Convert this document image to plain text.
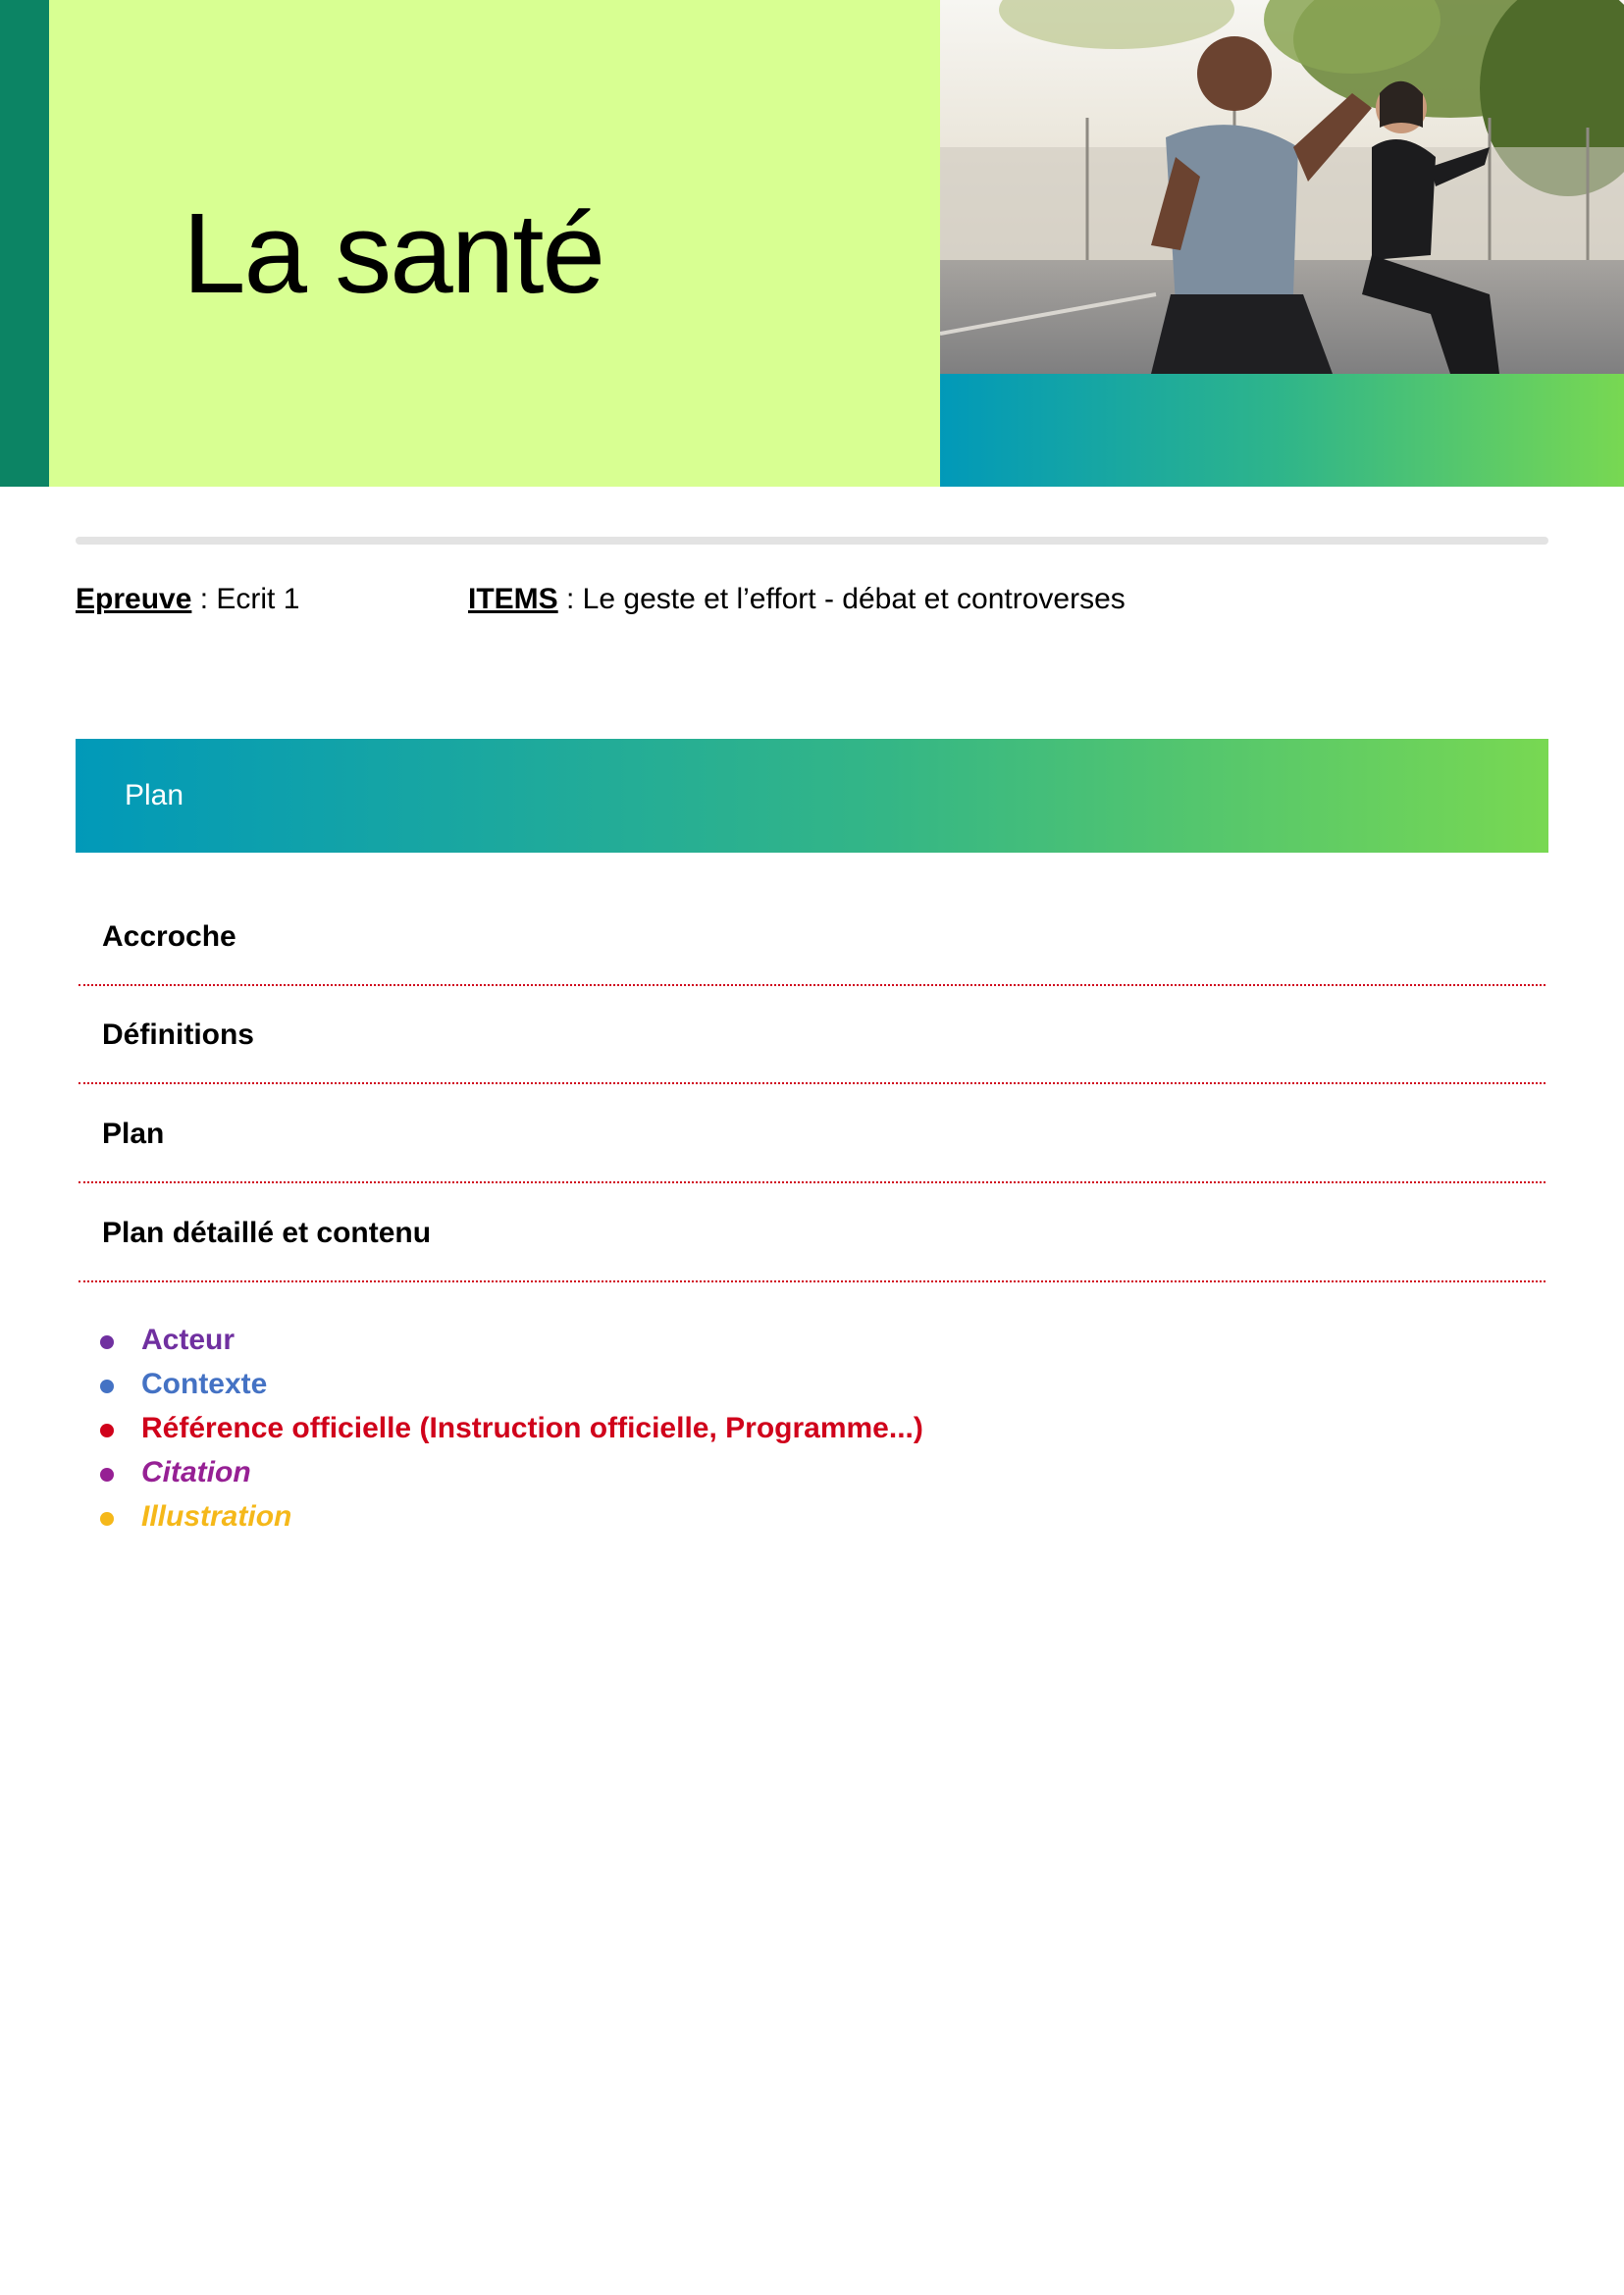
La santé
Epreuve : Ecrit 1	ITEMS : Le geste et l’effort - débat et controverses
Plan
Accroche
Définitions
Plan
Plan détaillé et contenu
Acteur
Contexte
Référence officielle (Instruction officielle, Programme...)
Citation
Illustration
